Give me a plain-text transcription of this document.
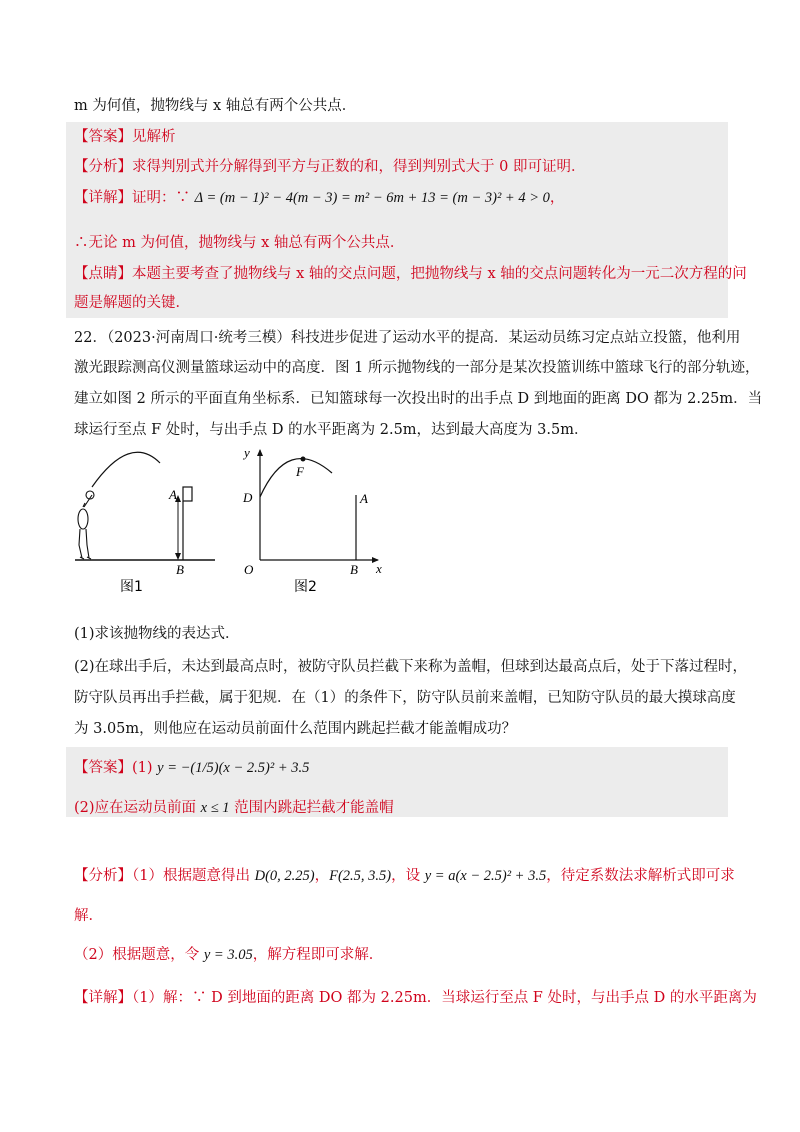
m 为何值，抛物线与 x 轴总有两个公共点．
【答案】见解析
【分析】求得判别式并分解得到平方与正数的和，得到判别式大于 0 即可证明．
【详解】证明：∵ Δ = (m − 1)² − 4(m − 3) = m² − 6m + 13 = (m − 3)² + 4 > 0，
∴无论 m 为何值，抛物线与 x 轴总有两个公共点．
【点睛】本题主要考查了抛物线与 x 轴的交点问题，把抛物线与 x 轴的交点问题转化为一元二次方程的问
题是解题的关键．
22．（2023·河南周口·统考三模）科技进步促进了运动水平的提高．某运动员练习定点站立投篮，他利用
激光跟踪测高仪测量篮球运动中的高度．图 1 所示抛物线的一部分是某次投篮训练中篮球飞行的部分轨迹，
建立如图 2 所示的平面直角坐标系．已知篮球每一次投出时的出手点 D 到地面的距离 DO 都为 2.25m．当
球运行至点 F 处时，与出手点 D 的水平距离为 2.5m，达到最大高度为 3.5m．
A
B
图1
y
F
D	A
O	B x
图2
(1)求该抛物线的表达式．
(2)在球出手后，未达到最高点时，被防守队员拦截下来称为盖帽，但球到达最高点后，处于下落过程时，
防守队员再出手拦截，属于犯规．在（1）的条件下，防守队员前来盖帽，已知防守队员的最大摸球高度
为 3.05m，则他应在运动员前面什么范围内跳起拦截才能盖帽成功？
【答案】(1) y = −(1/5)(x − 2.5)² + 3.5
(2)应在运动员前面 x ≤ 1 范围内跳起拦截才能盖帽
【分析】（1）根据题意得出 D(0, 2.25)，F(2.5, 3.5)，设 y = a(x − 2.5)² + 3.5，待定系数法求解析式即可求
解．
（2）根据题意，令 y = 3.05，解方程即可求解．
【详解】（1）解：∵ D 到地面的距离 DO 都为 2.25m．当球运行至点 F 处时，与出手点 D 的水平距离为
